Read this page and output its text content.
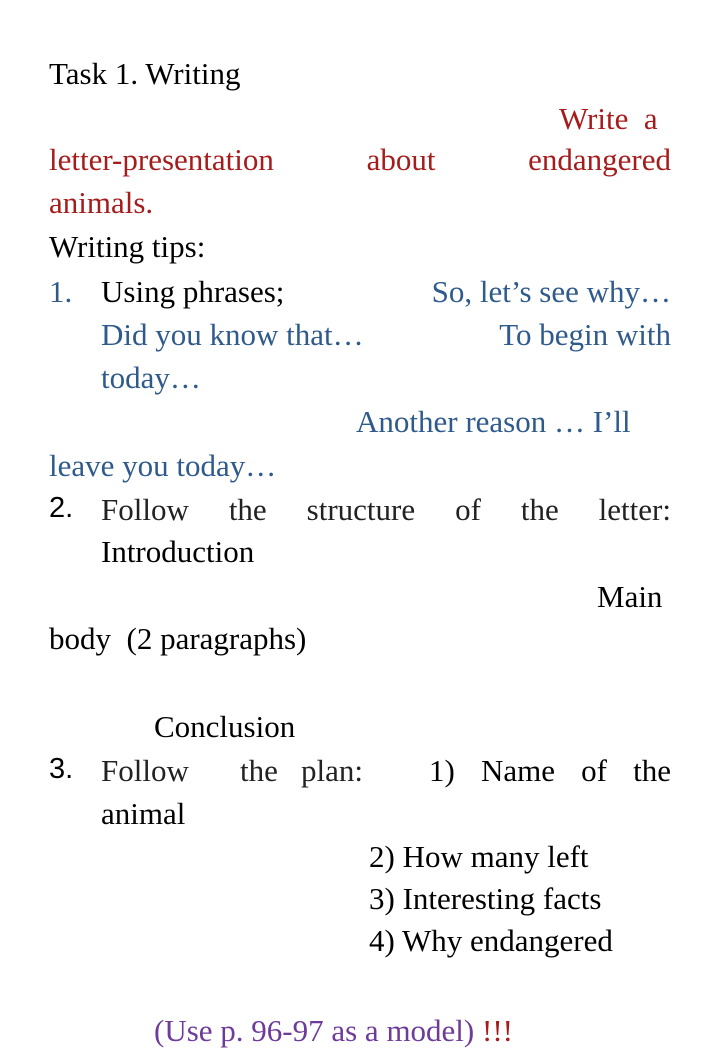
Task 1. Writing
Write a
letter-presentation	about	endangered
animals.
Writing tips:
1. Using phrases;	So, let’s see why…
Did you know that…	To begin with
today…
Another reason … I’ll
leave you today…
2. Follow the structure of the letter:
Introduction
Main
body  (2 paragraphs)
Conclusion
3. Follow the plan: 1) Name of the
animal
2) How many left
3) Interesting facts
4) Why endangered
(Use p. 96-97 as a model) !!!
